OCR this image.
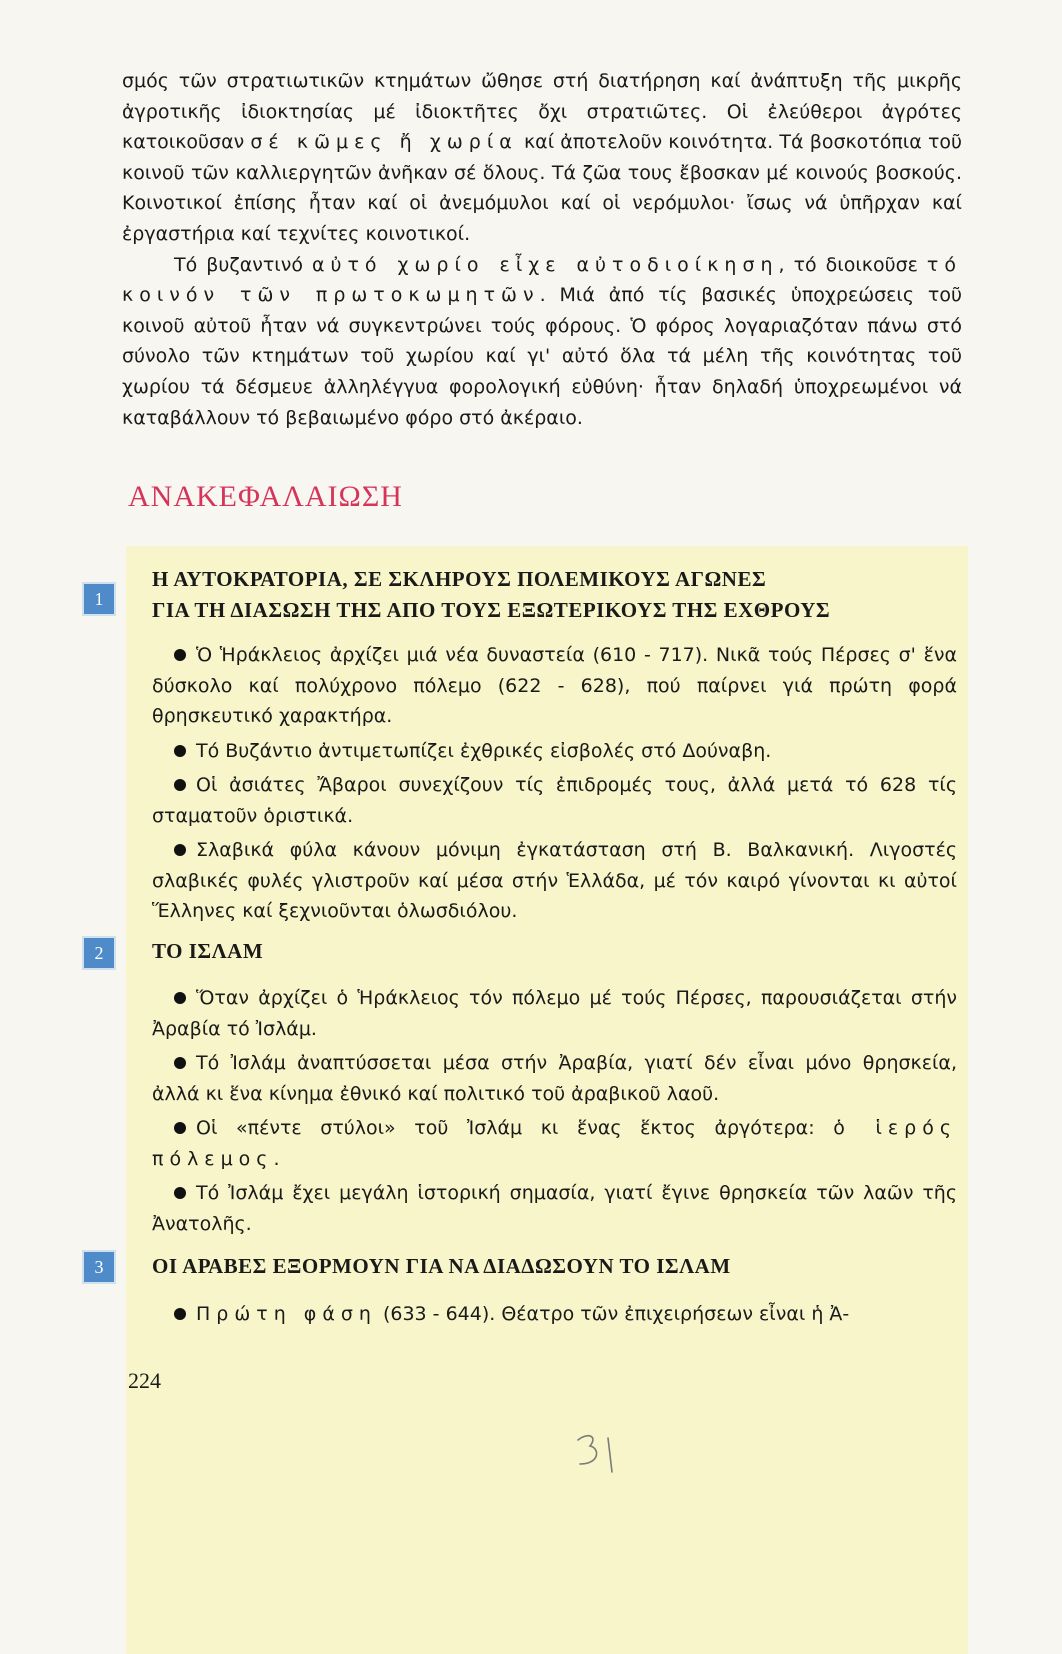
σμός τῶν στρατιωτικῶν κτημάτων ὤθησε στή διατήρηση καί ἀνάπτυξη τῆς μικρῆς ἀγροτικῆς ἰδιοκτησίας μέ ἰδιοκτῆτες ὄχι στρατιῶτες. Οἱ ἐλεύθεροι ἀγρότες κατοικοῦσαν σέ κῶμες ἤ χωρία καί ἀποτελοῦν κοινότητα. Τά βοσκοτόπια τοῦ κοινοῦ τῶν καλλιεργητῶν ἀνῆκαν σέ ὅλους. Τά ζῶα τους ἔβοσκαν μέ κοινούς βοσκούς. Κοινοτικοί ἐπίσης ἦταν καί οἱ ἀνεμόμυλοι καί οἱ νερόμυλοι· ἴσως νά ὑπῆρχαν καί ἐργαστήρια καί τεχνίτες κοινοτικοί.

Τό βυζαντινό αὐτό χωρίο εἶχε αὐτοδιοίκηση, τό διοικοῦσε τό κοινόν τῶν πρωτοκωμητῶν. Μιά ἀπό τίς βασικές ὑποχρεώσεις τοῦ κοινοῦ αὐτοῦ ἦταν νά συγκεντρώνει τούς φόρους. Ὁ φόρος λογαριαζόταν πάνω στό σύνολο τῶν κτημάτων τοῦ χωρίου καί γι' αὐτό ὅλα τά μέλη τῆς κοινότητας τοῦ χωρίου τά δέσμευε ἀλληλέγγυα φορολογική εὐθύνη· ἦταν δηλαδή ὑποχρεωμένοι νά καταβάλλουν τό βεβαιωμένο φόρο στό ἀκέραιο.

ΑΝΑΚΕΦΑΛΑΙΩΣΗ
1
Η ΑΥΤΟΚΡΑΤΟΡΙΑ, ΣΕ ΣΚΛΗΡΟΥΣ ΠΟΛΕΜΙΚΟΥΣ ΑΓΩΝΕΣ
ΓΙΑ ΤΗ ΔΙΑΣΩΣΗ ΤΗΣ ΑΠΟ ΤΟΥΣ ΕΞΩΤΕΡΙΚΟΥΣ ΤΗΣ ΕΧΘΡΟΥΣ
Ὁ Ἡράκλειος ἀρχίζει μιά νέα δυναστεία (610 - 717). Νικᾶ τούς Πέρσες σ' ἕνα δύσκολο καί πολύχρονο πόλεμο (622 - 628), πού παίρνει γιά πρώτη φορά θρησκευτικό χαρακτήρα.
Τό Βυζάντιο ἀντιμετωπίζει ἐχθρικές εἰσβολές στό Δούναβη.
Οἱ ἀσιάτες Ἄβαροι συνεχίζουν τίς ἐπιδρομές τους, ἀλλά μετά τό 628 τίς σταματοῦν ὁριστικά.
Σλαβικά φύλα κάνουν μόνιμη ἐγκατάσταση στή Β. Βαλκανική. Λιγοστές σλαβικές φυλές γλιστροῦν καί μέσα στήν Ἑλλάδα, μέ τόν καιρό γίνονται κι αὐτοί Ἕλληνες καί ξεχνιοῦνται ὁλωσδιόλου.
2	ΤΟ ΙΣΛΑΜ
Ὅταν ἀρχίζει ὁ Ἡράκλειος τόν πόλεμο μέ τούς Πέρσες, παρουσιάζεται στήν Ἀραβία τό Ἰσλάμ.
Τό Ἰσλάμ ἀναπτύσσεται μέσα στήν Ἀραβία, γιατί δέν εἶναι μόνο θρησκεία, ἀλλά κι ἕνα κίνημα ἐθνικό καί πολιτικό τοῦ ἀραβικοῦ λαοῦ.
Οἱ «πέντε στύλοι» τοῦ Ἰσλάμ κι ἕνας ἕκτος ἀργότερα: ὁ ἱερός πόλεμος.
Τό Ἰσλάμ ἔχει μεγάλη ἱστορική σημασία, γιατί ἔγινε θρησκεία τῶν λαῶν τῆς Ἀνατολῆς.
3	ΟΙ ΑΡΑΒΕΣ ΕΞΟΡΜΟΥΝ ΓΙΑ ΝΑ ΔΙΑΔΩΣΟΥΝ ΤΟ ΙΣΛΑΜ
Πρώτη φάση (633 - 644). Θέατρο τῶν ἐπιχειρήσεων εἶναι ἡ Ἀ-
224
